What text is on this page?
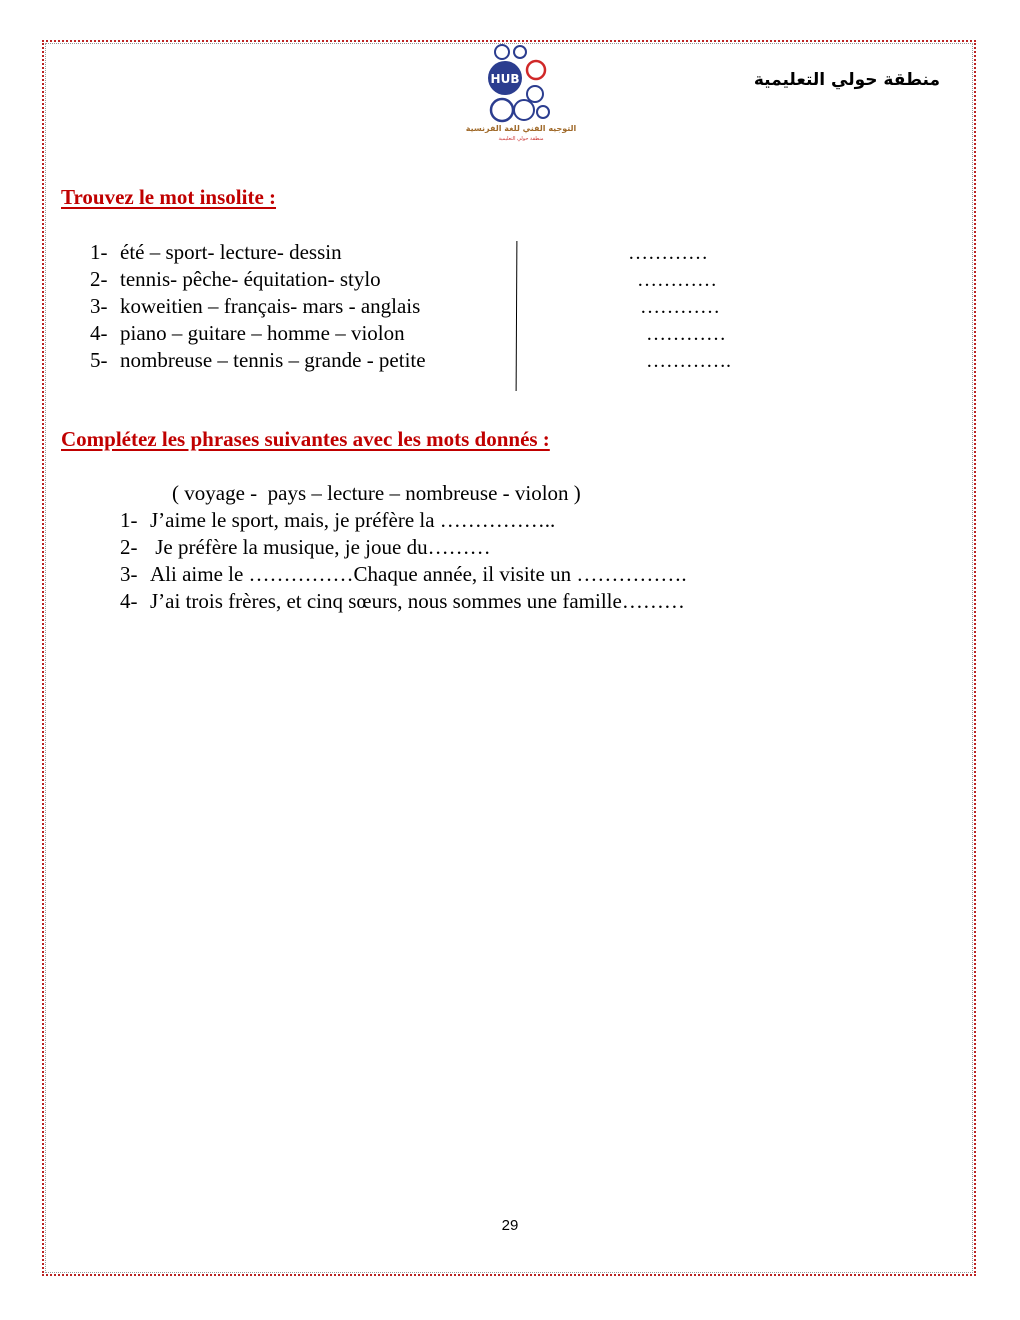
HUB
التوجيه الفني للغة الفرنسية
منطقة حولي التعليمية
منطقة حولي التعليمية
Trouvez le mot insolite :
1- été – sport- lecture- dessin
2- tennis- pêche- équitation- stylo
3- koweitien – français- mars - anglais
4- piano – guitare – homme – violon
5- nombreuse – tennis – grande - petite
…………
…………
…………
…………
………….
Complétez les phrases suivantes avec les mots donnés :
( voyage -  pays – lecture – nombreuse - violon )
1- J’aime le sport, mais, je préfère la ……………..
2- Je préfère la musique, je joue du………
3- Ali aime le ……………Chaque année, il visite un …………….
4- J’ai trois frères, et cinq sœurs, nous sommes une famille………
29
